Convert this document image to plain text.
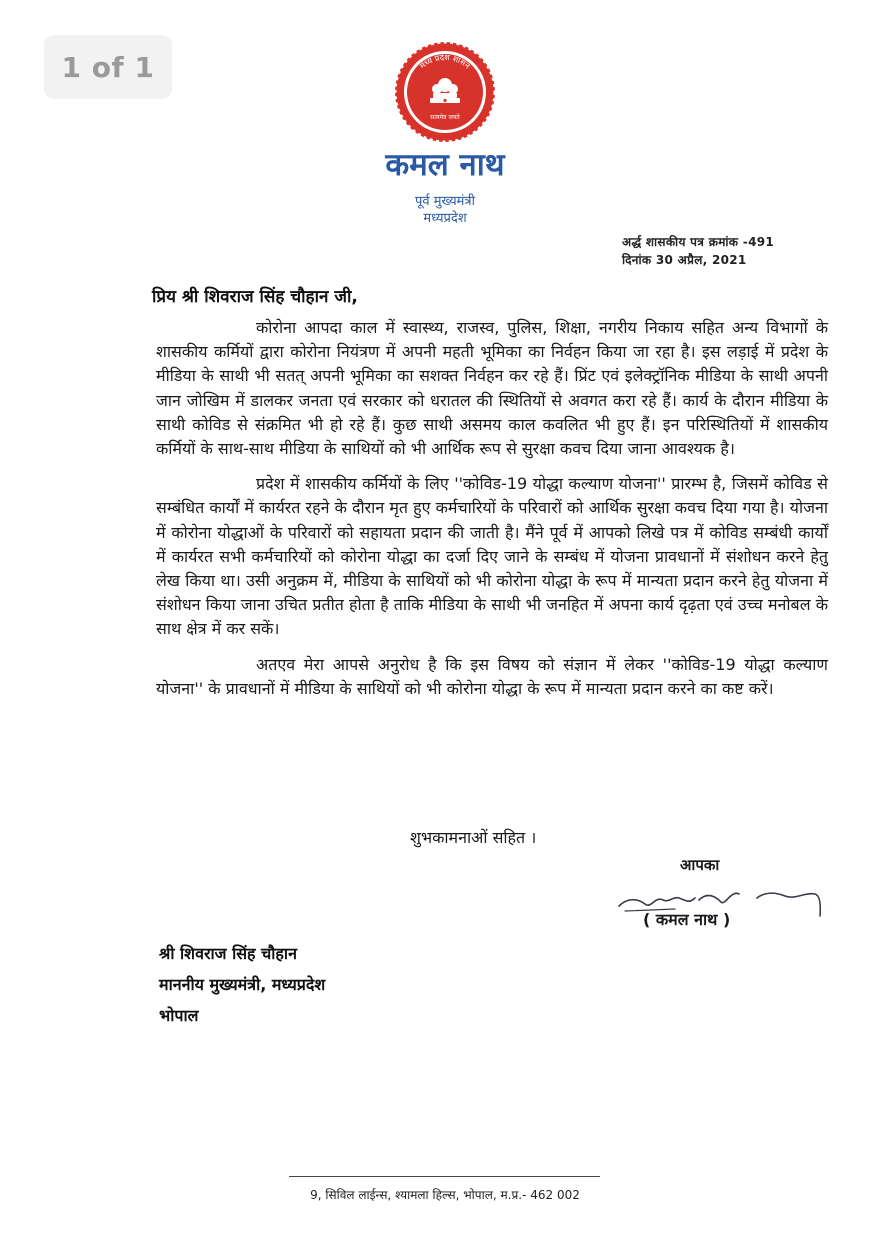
1 of 1	मध्य प्रदेश शासन
सत्यमेव जयते
कमल नाथ
पूर्व मुख्यमंत्री
मध्यप्रदेश
अर्द्ध शासकीय पत्र क्रमांक -491
दिनांक 30 अप्रैल, 2021
प्रिय श्री शिवराज सिंह चौहान जी,

कोरोना आपदा काल में स्वास्थ्य, राजस्व, पुलिस, शिक्षा, नगरीय निकाय सहित अन्य विभागों के शासकीय कर्मियों द्वारा कोरोना नियंत्रण में अपनी महती भूमिका का निर्वहन किया जा रहा है। इस लड़ाई में प्रदेश के मीडिया के साथी भी सतत् अपनी भूमिका का सशक्त निर्वहन कर रहे हैं। प्रिंट एवं इलेक्ट्रॉनिक मीडिया के साथी अपनी जान जोखिम में डालकर जनता एवं सरकार को धरातल की स्थितियों से अवगत करा रहे हैं। कार्य के दौरान मीडिया के साथी कोविड से संक्रमित भी हो रहे हैं। कुछ साथी असमय काल कवलित भी हुए हैं। इन परिस्थितियों में शासकीय कर्मियों के साथ-साथ मीडिया के साथियों को भी आर्थिक रूप से सुरक्षा कवच दिया जाना आवश्यक है।

प्रदेश में शासकीय कर्मियों के लिए ''कोविड-19 योद्धा कल्याण योजना'' प्रारम्भ है, जिसमें कोविड से सम्बंधित कार्यों में कार्यरत रहने के दौरान मृत हुए कर्मचारियों के परिवारों को आर्थिक सुरक्षा कवच दिया गया है। योजना में कोरोना योद्धाओं के परिवारों को सहायता प्रदान की जाती है। मैंने पूर्व में आपको लिखे पत्र में कोविड सम्बंधी कार्यों में कार्यरत सभी कर्मचारियों को कोरोना योद्धा का दर्जा दिए जाने के सम्बंध में योजना प्रावधानों में संशोधन करने हेतु लेख किया था। उसी अनुक्रम में, मीडिया के साथियों को भी कोरोना योद्धा के रूप में मान्यता प्रदान करने हेतु योजना में संशोधन किया जाना उचित प्रतीत होता है ताकि मीडिया के साथी भी जनहित में अपना कार्य दृढ़ता एवं उच्च मनोबल के साथ क्षेत्र में कर सकें।

अतएव मेरा आपसे अनुरोध है कि इस विषय को संज्ञान में लेकर ''कोविड-19 योद्धा कल्याण योजना'' के प्रावधानों में मीडिया के साथियों को भी कोरोना योद्धा के रूप में मान्यता प्रदान करने का कष्ट करें।

शुभकामनाओं सहित ।
आपका
( कमल नाथ )
श्री शिवराज सिंह चौहान
माननीय मुख्यमंत्री, मध्यप्रदेश
भोपाल
9, सिविल लाईन्स, श्यामला हिल्स, भोपाल, म.प्र.- 462 002
